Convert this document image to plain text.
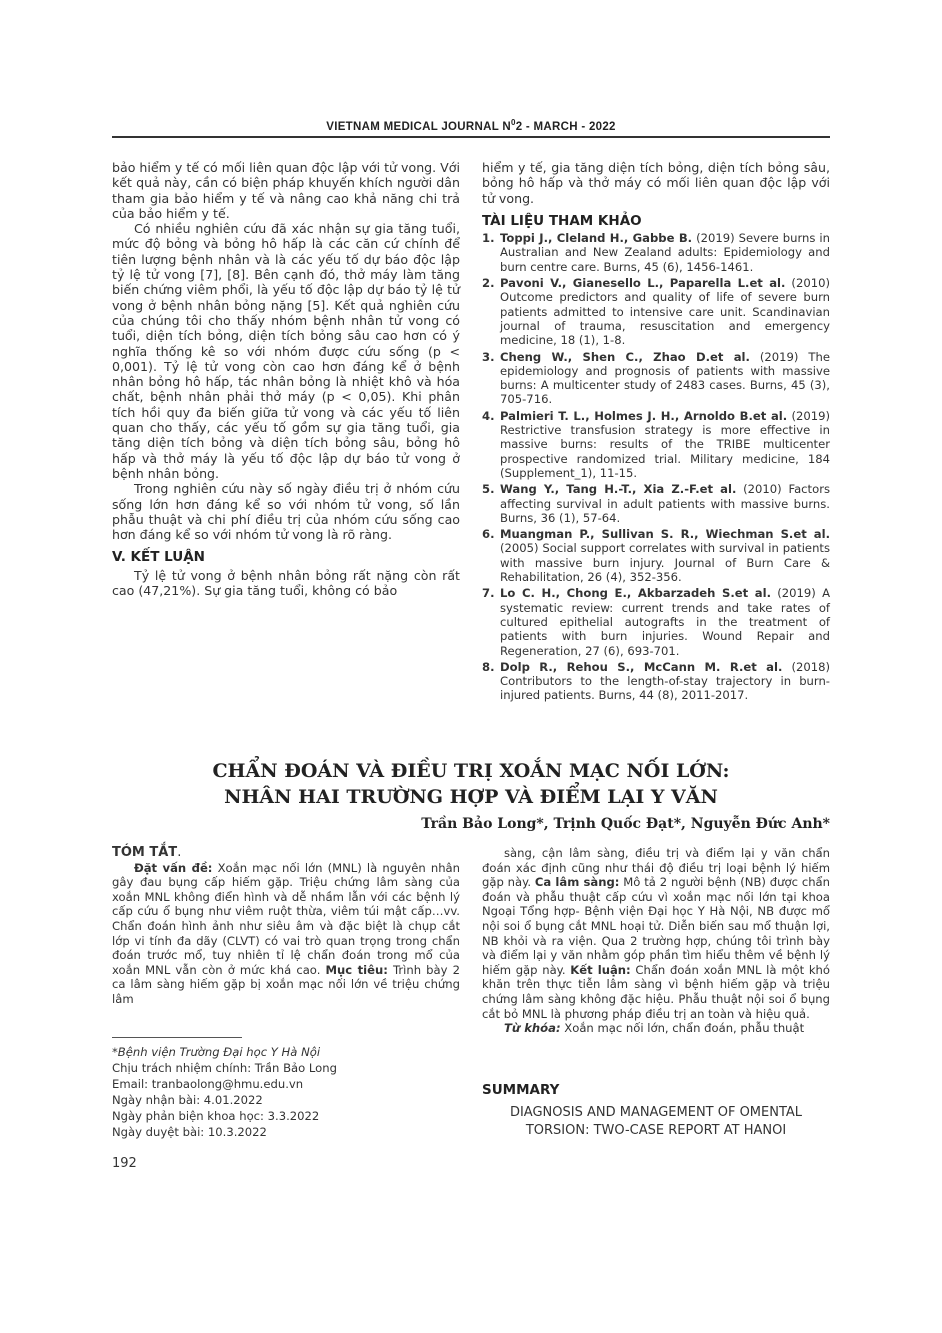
VIETNAM MEDICAL JOURNAL $N^02$ - MARCH - 2022

bảo hiểm y tế có mối liên quan độc lập với tử vong. Với kết quả này, cần có biện pháp khuyến khích người dân tham gia bảo hiểm y tế và nâng cao khả năng chi trả của bảo hiểm y tế.

Có nhiều nghiên cứu đã xác nhận sự gia tăng tuổi, mức độ bỏng và bỏng hô hấp là các căn cứ chính để tiên lượng bệnh nhân và là các yếu tố dự báo độc lập tỷ lệ tử vong [7], [8]. Bên cạnh đó, thở máy làm tăng biến chứng viêm phổi, là yếu tố độc lập dự báo tỷ lệ tử vong ở bệnh nhân bỏng nặng [5]. Kết quả nghiên cứu của chúng tôi cho thấy nhóm bệnh nhân tử vong có tuổi, diện tích bỏng, diện tích bỏng sâu cao hơn có ý nghĩa thống kê so với nhóm được cứu sống (p < 0,001). Tỷ lệ tử vong còn cao hơn đáng kể ở bệnh nhân bỏng hô hấp, tác nhân bỏng là nhiệt khô và hóa chất, bệnh nhân phải thở máy (p < 0,05). Khi phân tích hồi quy đa biến giữa tử vong và các yếu tố liên quan cho thấy, các yếu tố gồm sự gia tăng tuổi, gia tăng diện tích bỏng và diện tích bỏng sâu, bỏng hô hấp và thở máy là yếu tố độc lập dự báo tử vong ở bệnh nhân bỏng.

Trong nghiên cứu này số ngày điều trị ở nhóm cứu sống lớn hơn đáng kể so với nhóm tử vong, số lần phẫu thuật và chi phí điều trị của nhóm cứu sống cao hơn đáng kể so với nhóm tử vong là rõ ràng.

V. KẾT LUẬN

Tỷ lệ tử vong ở bệnh nhân bỏng rất nặng còn rất cao (47,21%). Sự gia tăng tuổi, không có bảo

hiểm y tế, gia tăng diện tích bỏng, diện tích bỏng sâu, bỏng hô hấp và thở máy có mối liên quan độc lập với tử vong.

TÀI LIỆU THAM KHẢO
1. Toppi J., Cleland H., Gabbe B. (2019) Severe burns in Australian and New Zealand adults: Epidemiology and burn centre care. Burns, 45 (6), 1456-1461.
2. Pavoni V., Gianesello L., Paparella L.et al. (2010) Outcome predictors and quality of life of severe burn patients admitted to intensive care unit. Scandinavian journal of trauma, resuscitation and emergency medicine, 18 (1), 1-8.
3. Cheng W., Shen C., Zhao D.et al. (2019) The epidemiology and prognosis of patients with massive burns: A multicenter study of 2483 cases. Burns, 45 (3), 705-716.
4. Palmieri T. L., Holmes J. H., Arnoldo B.et al. (2019) Restrictive transfusion strategy is more effective in massive burns: results of the TRIBE multicenter prospective randomized trial. Military medicine, 184 (Supplement_1), 11-15.
5. Wang Y., Tang H.-T., Xia Z.-F.et al. (2010) Factors affecting survival in adult patients with massive burns. Burns, 36 (1), 57-64.
6. Muangman P., Sullivan S. R., Wiechman S.et al. (2005) Social support correlates with survival in patients with massive burn injury. Journal of Burn Care & Rehabilitation, 26 (4), 352-356.
7. Lo C. H., Chong E., Akbarzadeh S.et al. (2019) A systematic review: current trends and take rates of cultured epithelial autografts in the treatment of patients with burn injuries. Wound Repair and Regeneration, 27 (6), 693-701.
8. Dolp R., Rehou S., McCann M. R.et al. (2018) Contributors to the length-of-stay trajectory in burn-injured patients. Burns, 44 (8), 2011-2017.
CHẨN ĐOÁN VÀ ĐIỀU TRỊ XOẮN MẠC NỐI LỚN:
NHÂN HAI TRƯỜNG HỢP VÀ ĐIỂM LẠI Y VĂN
Trần Bảo Long*, Trịnh Quốc Đạt*, Nguyễn Đức Anh*

TÓM TẮT.

Đặt vấn đề: Xoắn mạc nối lớn (MNL) là nguyên nhân gây đau bụng cấp hiếm gặp. Triệu chứng lâm sàng của xoắn MNL không điển hình và dễ nhầm lẫn với các bệnh lý cấp cứu ổ bụng như viêm ruột thừa, viêm túi mật cấp…vv. Chẩn đoán hình ảnh như siêu âm và đặc biệt là chụp cắt lớp vi tính đa dãy (CLVT) có vai trò quan trọng trong chẩn đoán trước mổ, tuy nhiên tỉ lệ chẩn đoán trong mổ của xoắn MNL vẫn còn ở mức khá cao. Mục tiêu: Trình bày 2 ca lâm sàng hiếm gặp bị xoắn mạc nối lớn về triệu chứng lâm

sàng, cận lâm sàng, điều trị và điểm lại y văn chẩn đoán xác định cũng như thái độ điều trị loại bệnh lý hiếm gặp này. Ca lâm sàng: Mô tả 2 người bệnh (NB) được chẩn đoán và phẫu thuật cấp cứu vì xoắn mạc nối lớn tại khoa Ngoại Tổng hợp- Bệnh viện Đại học Y Hà Nội, NB được mổ nội soi ổ bụng cắt MNL hoại tử. Diễn biến sau mổ thuận lợi, NB khỏi và ra viện. Qua 2 trường hợp, chúng tôi trình bày và điểm lại y văn nhằm góp phần tìm hiểu thêm về bệnh lý hiếm gặp này. Kết luận: Chẩn đoán xoắn MNL là một khó khăn trên thực tiễn lâm sàng vì bệnh hiếm gặp và triệu chứng lâm sàng không đặc hiệu. Phẫu thuật nội soi ổ bụng cắt bỏ MNL là phương pháp điều trị an toàn và hiệu quả.

Từ khóa: Xoắn mạc nối lớn, chẩn đoán, phẫu thuật

*Bệnh viện Trường Đại học Y Hà Nội
Chịu trách nhiệm chính: Trần Bảo Long
Email: tranbaolong@hmu.edu.vn
Ngày nhận bài: 4.01.2022
Ngày phản biện khoa học: 3.3.2022
Ngày duyệt bài: 10.3.2022
SUMMARY
DIAGNOSIS AND MANAGEMENT OF OMENTAL
TORSION: TWO-CASE REPORT AT HANOI
192
